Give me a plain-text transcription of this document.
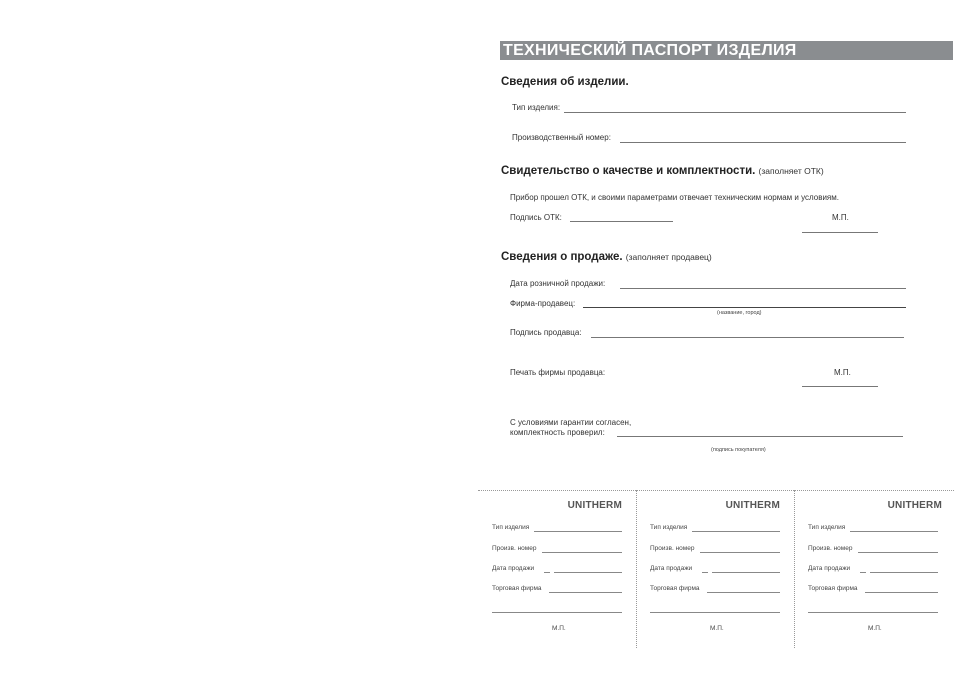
ТЕХНИЧЕСКИЙ ПАСПОРТ ИЗДЕЛИЯ
Сведения об изделии.
Тип изделия:
Производственный номер:
Свидетельство о качестве и комплектности. (заполняет ОТК)
Прибор прошел ОТК, и своими параметрами отвечает техническим нормам и условиям.
Подпись ОТК:	М.П.
Сведения о продаже. (заполняет продавец)
Дата розничной продажи:
Фирма-продавец:
(название, город)
Подпись продавца:
Печать фирмы продавца:	М.П.
С условиями гарантии согласен,
комплектность проверил:
(подпись покупателя)
UNITHERM
Тип изделия
Произв. номер
Дата продажи
Торговая фирма
М.П.
UNITHERM
Тип изделия
Произв. номер
Дата продажи
Торговая фирма
М.П.
UNITHERM
Тип изделия
Произв. номер
Дата продажи
Торговая фирма
М.П.
